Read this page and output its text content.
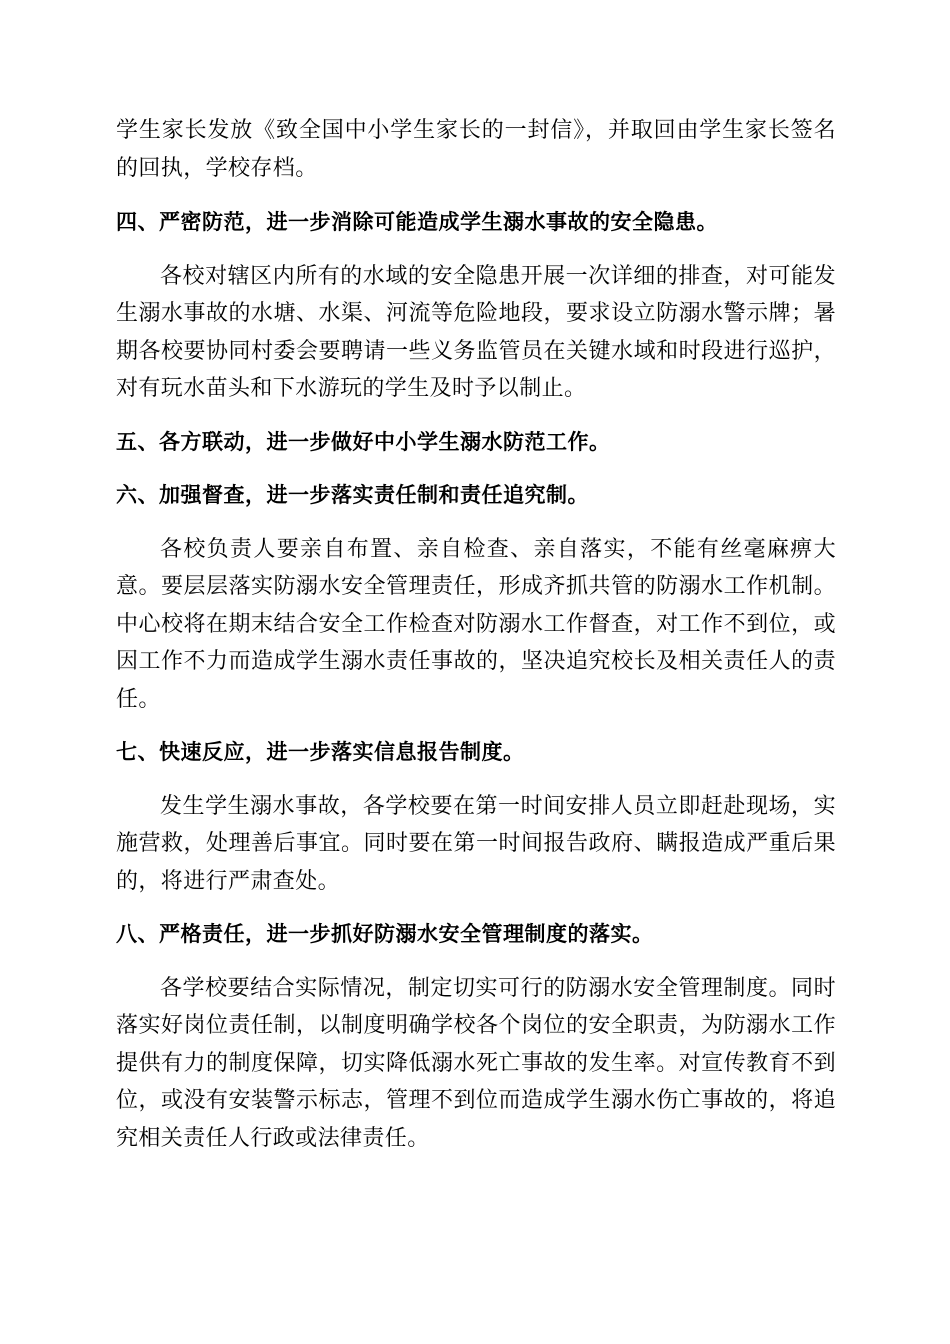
学生家长发放《致全国中小学生家长的一封信》，并取回由学生家长签名的回执，学校存档。

四、严密防范，进一步消除可能造成学生溺水事故的安全隐患。

各校对辖区内所有的水域的安全隐患开展一次详细的排查，对可能发生溺水事故的水塘、水渠、河流等危险地段，要求设立防溺水警示牌；暑期各校要协同村委会要聘请一些义务监管员在关键水域和时段进行巡护，对有玩水苗头和下水游玩的学生及时予以制止。

五、各方联动，进一步做好中小学生溺水防范工作。
六、加强督查，进一步落实责任制和责任追究制。

各校负责人要亲自布置、亲自检查、亲自落实，不能有丝毫麻痹大意。要层层落实防溺水安全管理责任，形成齐抓共管的防溺水工作机制。中心校将在期末结合安全工作检查对防溺水工作督查，对工作不到位，或因工作不力而造成学生溺水责任事故的，坚决追究校长及相关责任人的责任。

七、快速反应，进一步落实信息报告制度。

发生学生溺水事故，各学校要在第一时间安排人员立即赶赴现场，实施营救，处理善后事宜。同时要在第一时间报告政府、瞒报造成严重后果的，将进行严肃查处。

八、严格责任，进一步抓好防溺水安全管理制度的落实。

各学校要结合实际情况，制定切实可行的防溺水安全管理制度。同时落实好岗位责任制，以制度明确学校各个岗位的安全职责，为防溺水工作提供有力的制度保障，切实降低溺水死亡事故的发生率。对宣传教育不到位，或没有安装警示标志，管理不到位而造成学生溺水伤亡事故的，将追究相关责任人行政或法律责任。
